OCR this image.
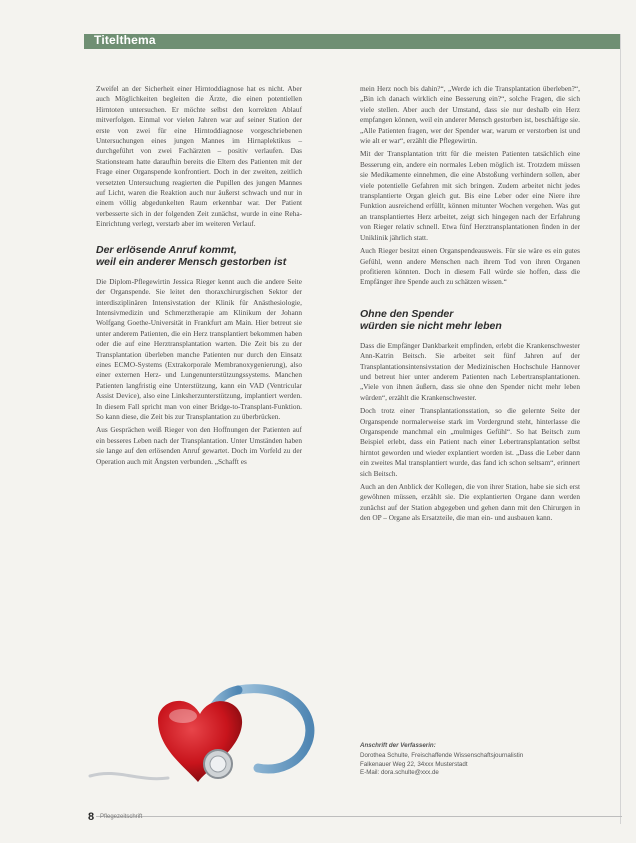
Titelthema

Zweifel an der Sicherheit einer Hirntoddiagnose hat es nicht. Aber auch Möglichkeiten begleiten die Ärzte, die einen potentiellen Hirntoten untersuchen. Er möchte selbst den korrekten Ablauf mitverfolgen. Einmal vor vielen Jahren war auf seiner Station der erste von zwei für eine Hirntoddiagnose vorgeschriebenen Untersuchungen eines jungen Mannes im Hirnaplektikus – durchgeführt von zwei Fachärzten – positiv verlaufen. Das Stationsteam hatte daraufhin bereits die Eltern des Patienten mit der Frage einer Organspende konfrontiert. Doch in der zweiten, zeitlich versetzten Untersuchung reagierten die Pupillen des jungen Mannes auf Licht, waren die Reaktion auch nur äußerst schwach und nur in einem völlig abgedunkelten Raum erkennbar war. Der Patient verbesserte sich in der folgenden Zeit zunächst, wurde in eine Reha-Einrichtung verlegt, verstarb aber im weiteren Verlauf.

Der erlösende Anruf kommt,
weil ein anderer Mensch gestorben ist

Die Diplom-Pflegewirtin Jessica Rieger kennt auch die andere Seite der Organspende. Sie leitet den thoraxchirurgischen Sektor der interdisziplinären Intensivstation der Klinik für Anästhesiologie, Intensivmedizin und Schmerztherapie am Klinikum der Johann Wolfgang Goethe-Universität in Frankfurt am Main. Hier betreut sie unter anderem Patienten, die ein Herz transplantiert bekommen haben oder die auf eine Herztransplantation warten. Die Zeit bis zu der Transplantation überleben manche Patienten nur durch den Einsatz eines ECMO-Systems (Extrakorporale Membranoxygenierung), also einer externen Herz- und Lungenunterstützungssystems. Manchen Patienten langfristig eine Unterstützung, kann ein VAD (Ventricular Assist Device), also eine Linksherzunterstützung, implantiert werden. In diesem Fall spricht man von einer Bridge-to-Transplant-Funktion. So kann diese, die Zeit bis zur Transplantation zu überbrücken.

Aus Gesprächen weiß Rieger von den Hoffnungen der Patienten auf ein besseres Leben nach der Transplantation. Unter Umständen haben sie lange auf den erlösenden Anruf gewartet. Doch im Vorfeld zu der Operation auch mit Ängsten verbunden. „Schafft es

mein Herz noch bis dahin?“, „Werde ich die Transplantation überleben?“, „Bin ich danach wirklich eine Besserung ein?“, solche Fragen, die sich viele stellen. Aber auch der Umstand, dass sie nur deshalb ein Herz empfangen können, weil ein anderer Mensch gestorben ist, beschäftige sie. „Alle Patienten fragen, wer der Spender war, warum er verstorben ist und wie alt er war“, erzählt die Pflegewirtin.

Mit der Transplantation tritt für die meisten Patienten tatsächlich eine Besserung ein, andere ein normales Leben möglich ist. Trotzdem müssen sie Medikamente einnehmen, die eine Abstoßung verhindern sollen, aber viele potentielle Gefahren mit sich bringen. Zudem arbeitet nicht jedes transplantierte Organ gleich gut. Bis eine Leber oder eine Niere ihre Funktion ausreichend erfüllt, können mitunter Wochen vergehen. Was gut an transplantiertes Herz arbeitet, zeigt sich hingegen nach der Erfahrung von Rieger relativ schnell. Etwa fünf Herztransplantationen finden in der Uniklinik jährlich statt.

Auch Rieger besitzt einen Organspendeausweis. Für sie wäre es ein gutes Gefühl, wenn andere Menschen nach ihrem Tod von ihren Organen profitieren könnten. Doch in diesem Fall würde sie hoffen, dass die Empfänger ihre Spende auch zu schätzen wissen.“

Ohne den Spender
würden sie nicht mehr leben

Dass die Empfänger Dankbarkeit empfinden, erlebt die Krankenschwester Ann-Katrin Beitsch. Sie arbeitet seit fünf Jahren auf der Transplantationsintensivstation der Medizinischen Hochschule Hannover und betreut hier unter anderem Patienten nach Lebertransplantationen. „Viele von ihnen äußern, dass sie ohne den Spender nicht mehr leben würden“, erzählt die Krankenschwester.

Doch trotz einer Transplantationsstation, so die gelernte Seite der Organspende normalerweise stark im Vordergrund steht, hinterlasse die Organspende manchmal ein „mulmiges Gefühl“. So hat Beitsch zum Beispiel erlebt, dass ein Patient nach einer Lebertransplantation selbst hirntot geworden und wieder explantiert worden ist. „Dass die Leber dann ein zweites Mal transplantiert wurde, das fand ich schon seltsam“, erinnert sich Beitsch.

Auch an den Anblick der Kollegen, die von ihrer Station, habe sie sich erst gewöhnen müssen, erzählt sie. Die explantierten Organe dann werden zunächst auf der Station abgegeben und gehen dann mit den Chirurgen in den OP – Organe als Ersatzteile, die man ein- und ausbauen kann.

Anschrift der Verfasserin:
Dorothea Schulte, Freischaffende Wissenschaftsjournalistin
Falkenauer Weg 22, 34xxx Musterstadt
E-Mail: dora.schulte@xxx.de
8 Pflegezeitschrift
